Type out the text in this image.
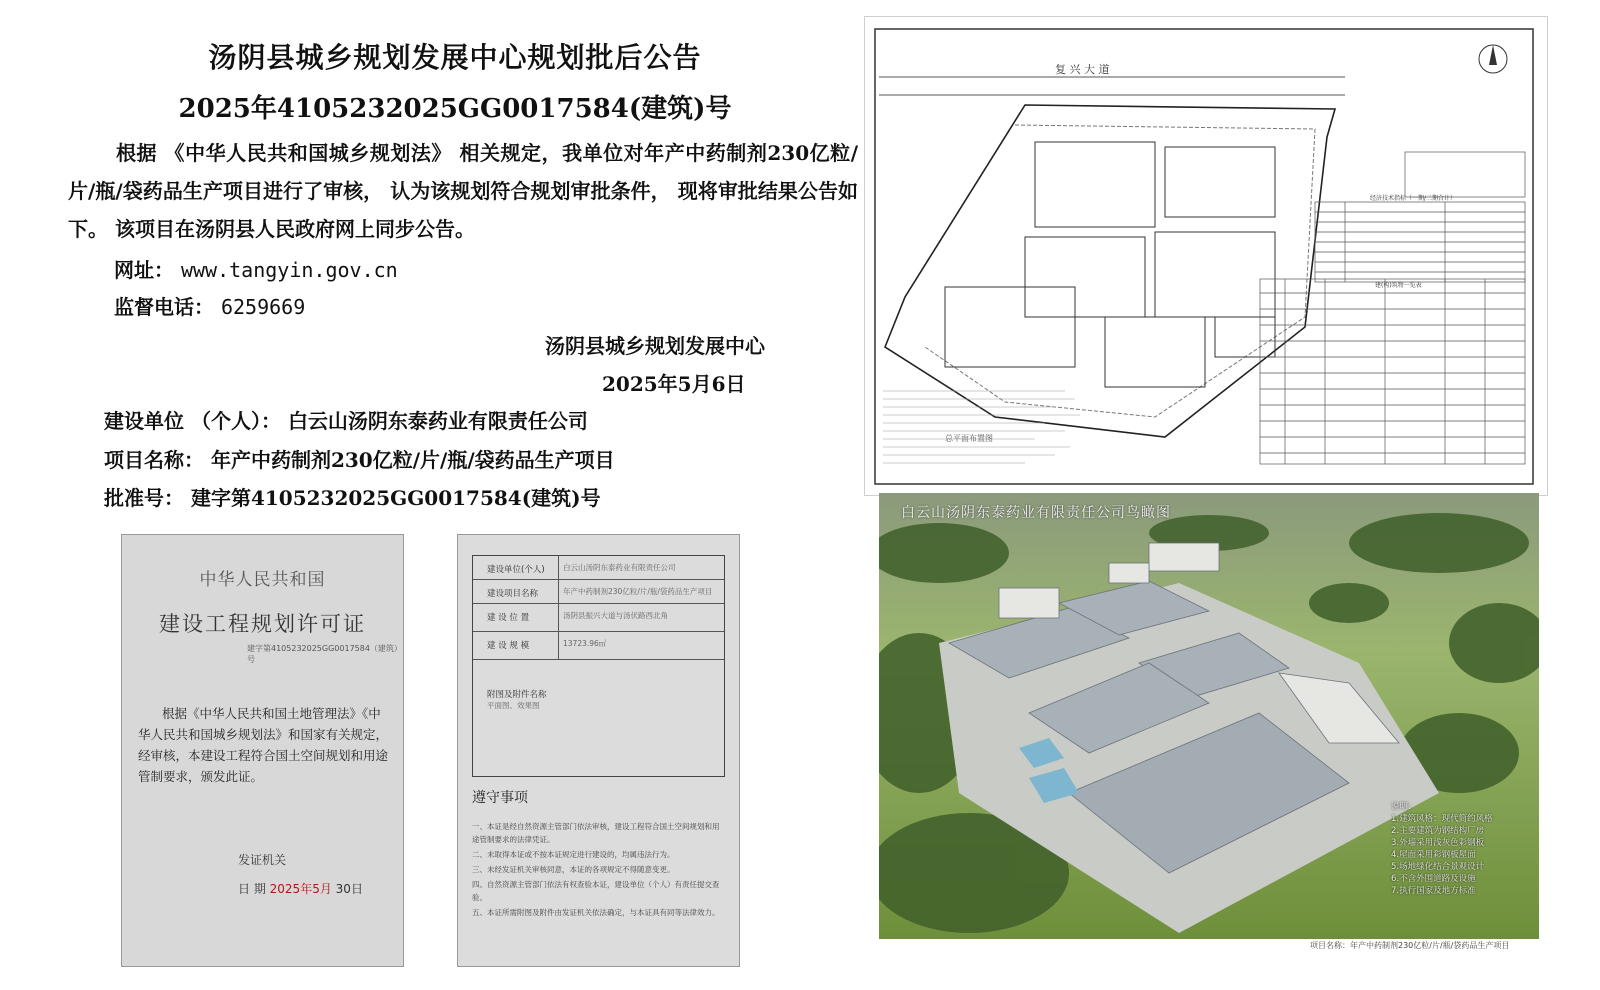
汤阴县城乡规划发展中心规划批后公告
2025年4105232025GG0017584(建筑)号
根据 《中华人民共和国城乡规划法》 相关规定，我单位对年产中药制剂230亿粒/片/瓶/袋药品生产项目进行了审核， 认为该规划符合规划审批条件， 现将审批结果公告如下。 该项目在汤阴县人民政府网上同步公告。
网址： www.tangyin.gov.cn
监督电话： 6259669
汤阴县城乡规划发展中心
2025年5月6日
建设单位 （个人）： 白云山汤阴东泰药业有限责任公司
项目名称： 年产中药制剂230亿粒/片/瓶/袋药品生产项目
批准号： 建字第4105232025GG0017584(建筑)号
中华人民共和国
建设工程规划许可证
建字第4105232025GG0017584（建筑）号
根据《中华人民共和国土地管理法》《中华人民共和国城乡规划法》和国家有关规定，经审核，本建设工程符合国土空间规划和用途管制要求，颁发此证。
发证机关
日 期 2025年5月 30日
建设单位(个人)	白云山汤阴东泰药业有限责任公司
建设项目名称	年产中药制剂230亿粒/片/瓶/袋药品生产项目
建 设 位 置	汤阴县振兴大道与汤伏路西北角
建 设 规 模	13723.96㎡
附图及附件名称
平面图、效果图
遵守事项
一、本证是经自然资源主管部门依法审核，建设工程符合国土空间规划和用途管制要求的法律凭证。
二、未取得本证或不按本证规定进行建设的，均属违法行为。
三、未经发证机关审核同意，本证的各项规定不得随意变更。
四、自然资源主管部门依法有权查验本证，建设单位（个人）有责任提交查验。
五、本证所需附图及附件由发证机关依法确定，与本证具有同等法律效力。
复 兴 大 道
经济技术指标（一期/二期合计）
建(构)筑物一览表
总平面布置图
白云山汤阴东泰药业有限责任公司鸟瞰图
说明：
1.建筑风格：现代简约风格
2.主要建筑为钢结构厂房
3.外墙采用浅灰色彩钢板
4.屋面采用彩钢板屋面
5.场地绿化结合景观设计
6.不含外围道路及设施
7.执行国家及地方标准
项目名称：年产中药制剂230亿粒/片/瓶/袋药品生产项目
